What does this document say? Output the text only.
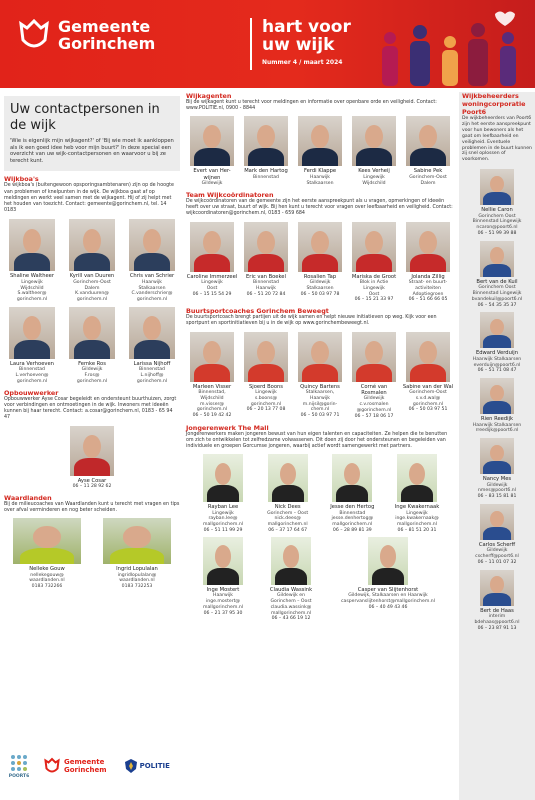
Gemeente
Gorinchem
hart voor
uw wijk
Nummer 4 / maart 2024
Uw contactpersonen in de wijk

'Wie is eigenlijk mijn wijkagent?' of 'Bij wie moet ik aankloppen als ik een goed idee heb voor mijn buurt?' In deze special een overzicht van uw wijk-contactpersonen en waarvoor u bij ze terecht kunt.

Wijkboa's
De wijkboa's (buitengewoon opsporingsambtenaren) zijn op de hoogte van problemen of knelpunten in de wijk. De wijkboa gaat af op meldingen en werkt veel samen met de wijkagent. Hij of zij helpt met het houden van toezicht. Contact: gemeente@gorinchem.nl, tel. 14 0183
Shaline Waltheer
Lingewijk
Wijdschild
S.waltheer@
gorinchem.nl
Kyrill van Duuren
Gorinchem-Oost
Dalem
K.vanduuren@
gorinchem.nl
Chris van Schrier
Haarwijk
Stalkaarsen
C.vanderschrier@
gorinchem.nl
Laura Verhoeven
Binnenstad
L.verhoeven@
gorinchem.nl
Femke Ros
Gildewijk
F.ros@
gorinchem.nl
Larissa Nijhoff
Binnenstad
L.nijhoff@
gorinchem.nl
Opbouwwerker
Opbouwwerker Ayse Cosar begeleidt en ondersteunt buurthuizen, zorgt voor verbindingen en ontmoetingen in de wijk. Inwoners met ideeën kunnen bij haar terecht. Contact: a.cosar@gorinchem.nl, 0183 - 65 94 47
Ayse Cosar
06 – 11 28 92 62
Waardlanden
Bij de milieucoaches van Waardlanden kunt u terecht met vragen en tips over afval verminderen en nog beter scheiden.
Nelleke Gouw
nellekegouw@
waardlanden.nl
0183 732266
Ingrid Lopulalan
ingridlopulalan@
waardlanden.nl
0183 732253
Wijkagenten
Bij de wijkagent kunt u terecht voor meldingen en informatie over openbare orde en veiligheid. Contact: www.POLITIE.nl, 0900 - 8844
Evert van Her-wijnen
Gildewijk
Mark den Hartog
Binnenstad
Ferdi Klappe
Haarwijk
Stalkaarsen
Kees Verheij
Lingewijk
Wijdschild
Sabine Pek
Gorinchem-Oost
Dalem
Team Wijkcoördinatoren
De wijkcoördinatoren van de gemeente zijn het eerste aanspreekpunt als u vragen, opmerkingen of ideeën heeft over uw straat, buurt of wijk. Bij hen kunt u terecht voor vragen over leefbaarheid en veiligheid. Contact: wijkcoordinatoren@gorinchem.nl, 0183 - 659 684
Caroline Immerzeel
Lingewijk
Oost
06 – 15 15 54 29
Eric van Boekel
Binnenstad
Haarwijk
06 – 51 20 72 84
Rosalien Tap
Gildewijk
Stalkaarsen
06 – 50 03 97 78
Mariska de Groot
Blok in Actie
Lingewijk
Oost
06 – 15 21 33 97
Jolanda Zillig
Straat- en buurt-
activiteiten
Adoptiegroen
06 – 51 66 66 05
Buurtsportcoaches Gorinchem Beweegt
De buurtsportcoach brengt partijen uit de wijk samen en helpt nieuwe initiatieven op weg. Kijk voor een sportpunt en sportinitiatieven bij u in de wijk op www.gorinchembeweegt.nl.
Marleen Visser
Binnenstad,
Wijdschild
m.visser@
gorinchem.nl
06 – 50 19 42 42
Sjoerd Boons
Lingewijk
s.boons@
gorinchem.nl
06 – 20 13 77 08
Quincy Bartens
Stalkaarsen,
Haarwijk
m.nijsil@gorin-
chem.nl
06 – 50 03 97 71
Corné van Rosmalen
Gildewijk
c.v.rosmalen
@gorinchem.nl
06 – 57 18 06 17
Sabine van der Wal
Gorinchem-Oost
s.v.d.wal@
gorinchem.nl
06 – 50 03 97 51
Jongerenwerk The Mall
Jongerenwerkers maken jongeren bewust van hun eigen talenten en capaciteiten. Ze helpen die te benutten om zich te ontwikkelen tot zelfredzame volwassenen. Dit doen zij door het ondersteunen en begeleiden van individuele en groepen Gorcumse jongeren, waarbij actief wordt samengewerkt met partners.
Rayban Lee
Lingewijk
rayban.lee@
mallgorinchem.nl
06 – 51 11 99 29
Nick Dees
Gorinchem – Oost
nick.dees@
mallgorinchem.nl
06 – 37 17 64 67
Jesse den Hertog
Binnenstad
jesse.denhertog@
mallgorinchem.nl
06 – 28 89 81 39
Inge Kwakernaak
Lingewijk
inge.kwakernaak@
mallgorinchem.nl
06 – 81 51 20 31
Inge Mostert
Haarwijk
inge.mostert@
mallgorinchem.nl
06 – 21 37 95 30
Claudia Wassink
Gildewijk en
Gorinchem – Oost
claudia.wassink@
mallgorinchem.nl
06 – 43 66 19 12
Casper van Slijtenhorst
Gildewijk, Stalkaarsen en Haarwijk
caspervanslijtenhorst@mallgorinchem.nl
06 – 40 49 43 46
Wijkbeheerders woningcorporatie Poort6
De wijkbeheerders van Poort6 zijn het eerste aanspreekpunt voor hun bewoners als het gaat om leefbaarheid en veiligheid. Eventuele problemen in de buurt kunnen zij snel oplossen of voorkomen.
Nellie Caron
Gorinchem Oost
Binnenstad Lingewijk
ncaron@poort6.nl
06 – 51 99 39 88
Bert van de Kuil
Gorinchem Oost
Binnenstad Lingewijk
bvandekuil@poort6.nl
06 – 54 35 35 37
Edward Verduijn
Haarwijk Stalkaarsen
everduijn@poort6.nl
06 – 51 71 08 47
Rien Reedijk
Haarwijk Stalkaarsen
rreedijk@poort6.nl
Nancy Mes
Gildewijk
nmes@poort6.nl
06 – 83 15 81 81
Carlos Scherff
Gildewijk
cscherff@poort6.nl
06 – 11 01 07 32
Bert de Haas
interim
bdehaas@poort6.nl
06 – 23 87 91 13
POORT6
Gemeente
Gorinchem	POLITIE
